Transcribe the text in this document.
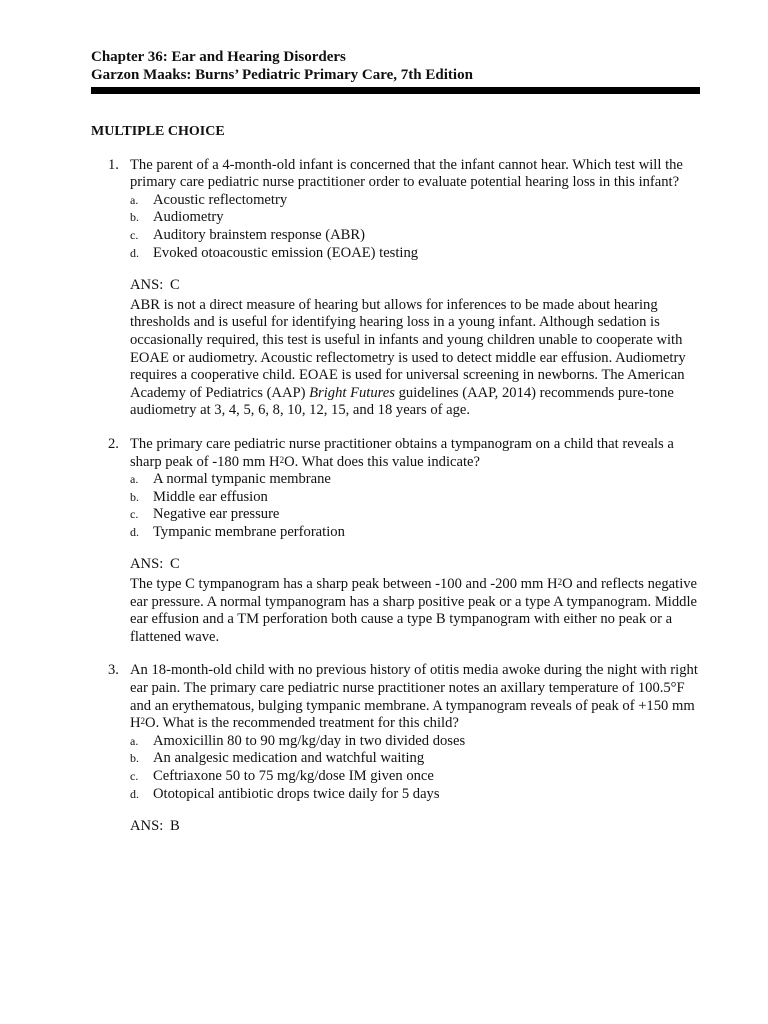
Chapter 36: Ear and Hearing Disorders
Garzon Maaks: Burns’ Pediatric Primary Care, 7th Edition
MULTIPLE CHOICE
1. The parent of a 4-month-old infant is concerned that the infant cannot hear. Which test will the primary care pediatric nurse practitioner order to evaluate potential hearing loss in this infant?
a. Acoustic reflectometry
b. Audiometry
c. Auditory brainstem response (ABR)
d. Evoked otoacoustic emission (EOAE) testing
ANS: C
ABR is not a direct measure of hearing but allows for inferences to be made about hearing thresholds and is useful for identifying hearing loss in a young infant. Although sedation is occasionally required, this test is useful in infants and young children unable to cooperate with EOAE or audiometry. Acoustic reflectometry is used to detect middle ear effusion. Audiometry requires a cooperative child. EOAE is used for universal screening in newborns. The American Academy of Pediatrics (AAP) Bright Futures guidelines (AAP, 2014) recommends pure-tone audiometry at 3, 4, 5, 6, 8, 10, 12, 15, and 18 years of age.
2. The primary care pediatric nurse practitioner obtains a tympanogram on a child that reveals a sharp peak of -180 mm $H^2O$. What does this value indicate?
a. A normal tympanic membrane
b. Middle ear effusion
c. Negative ear pressure
d. Tympanic membrane perforation
ANS: C
The type C tympanogram has a sharp peak between -100 and -200 mm $H^2O$ and reflects negative ear pressure. A normal tympanogram has a sharp positive peak or a type A tympanogram. Middle ear effusion and a TM perforation both cause a type B tympanogram with either no peak or a flattened wave.
3. An 18-month-old child with no previous history of otitis media awoke during the night with right ear pain. The primary care pediatric nurse practitioner notes an axillary temperature of 100.5°F and an erythematous, bulging tympanic membrane. A tympanogram reveals of peak of +150 mm $H^2O$. What is the recommended treatment for this child?
a. Amoxicillin 80 to 90 mg/kg/day in two divided doses
b. An analgesic medication and watchful waiting
c. Ceftriaxone 50 to 75 mg/kg/dose IM given once
d. Ototopical antibiotic drops twice daily for 5 days
ANS: B
